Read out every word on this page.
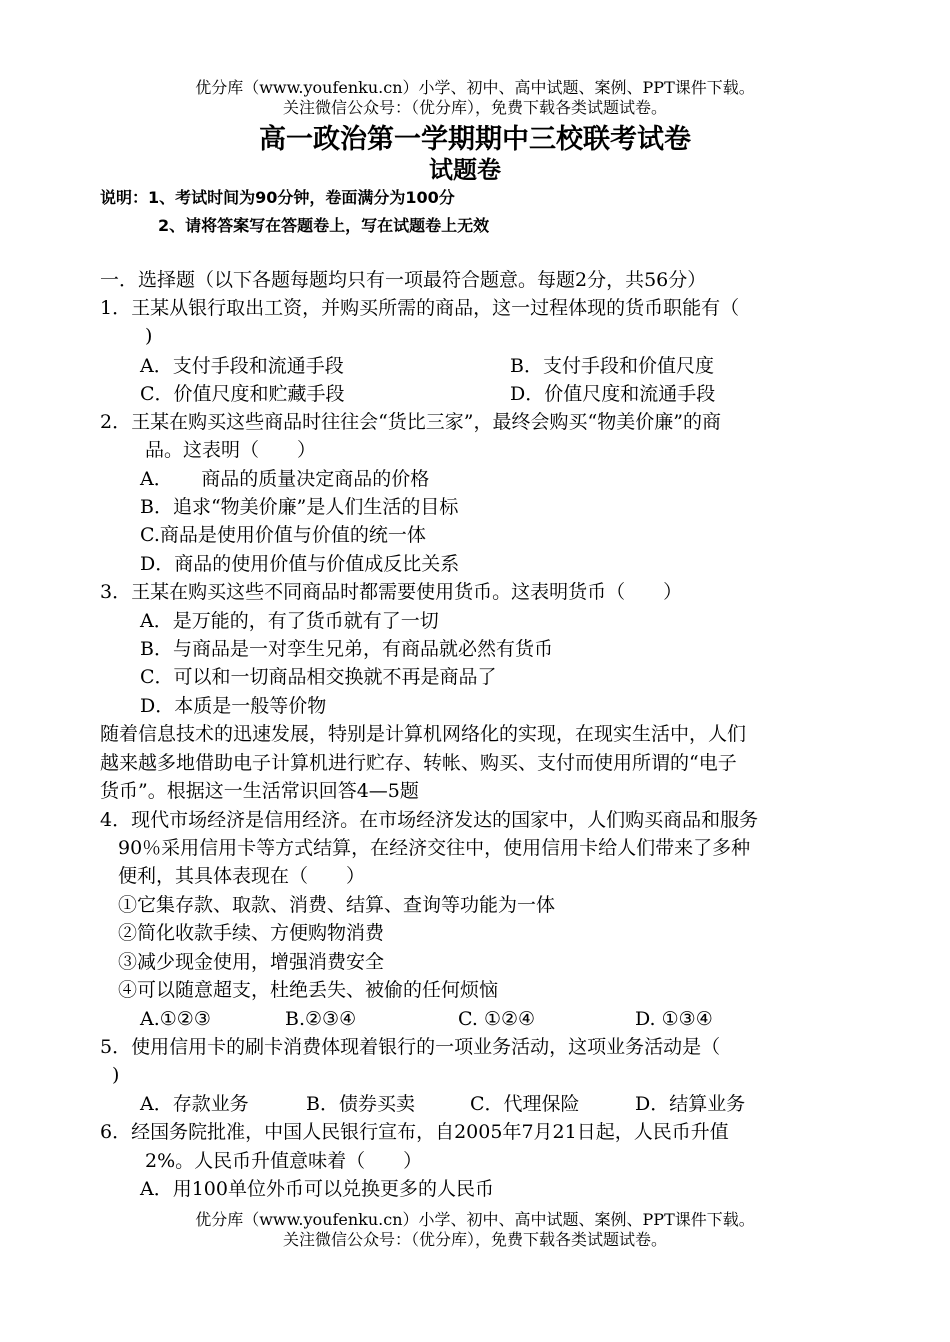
优分库（www.youfenku.cn）小学、初中、高中试题、案例、PPT课件下载。
关注微信公众号：（优分库），免费下载各类试题试卷。
高一政治第一学期期中三校联考试卷
试题卷
说明：1、考试时间为90分钟，卷面满分为100分
2、请将答案写在答题卷上，写在试题卷上无效
一．选择题（以下各题每题均只有一项最符合题意。每题2分，共56分）
1．王某从银行取出工资，并购买所需的商品，这一过程体现的货币职能有（
)
A．支付手段和流通手段	B．支付手段和价值尺度
C．价值尺度和贮藏手段	D．价值尺度和流通手段
2．王某在购买这些商品时往往会“货比三家”，最终会购买“物美价廉”的商
品。这表明（　　）
A．　　商品的质量决定商品的价格
B．追求“物美价廉”是人们生活的目标
C.商品是使用价值与价值的统一体
D．商品的使用价值与价值成反比关系
3．王某在购买这些不同商品时都需要使用货币。这表明货币（　　）
A．是万能的，有了货币就有了一切
B．与商品是一对孪生兄弟，有商品就必然有货币
C．可以和一切商品相交换就不再是商品了
D．本质是一般等价物
随着信息技术的迅速发展，特别是计算机网络化的实现，在现实生活中，人们
越来越多地借助电子计算机进行贮存、转帐、购买、支付而使用所谓的“电子
货币”。根据这一生活常识回答4—5题
4．现代市场经济是信用经济。在市场经济发达的国家中，人们购买商品和服务
90％采用信用卡等方式结算，在经济交往中，使用信用卡给人们带来了多种
便利，其具体表现在（　　）
①它集存款、取款、消费、结算、查询等功能为一体
②简化收款手续、方便购物消费
③减少现金使用，增强消费安全
④可以随意超支，杜绝丢失、被偷的任何烦恼
A.①②③	B.②③④	C. ①②④	D. ①③④
5．使用信用卡的刷卡消费体现着银行的一项业务活动，这项业务活动是（
)
A．存款业务	B．债券买卖	C．代理保险	D．结算业务
6．经国务院批准，中国人民银行宣布，自2005年7月21日起，人民币升值
2%。人民币升值意味着（　　）
A．用100单位外币可以兑换更多的人民币
优分库（www.youfenku.cn）小学、初中、高中试题、案例、PPT课件下载。
关注微信公众号：（优分库），免费下载各类试题试卷。
